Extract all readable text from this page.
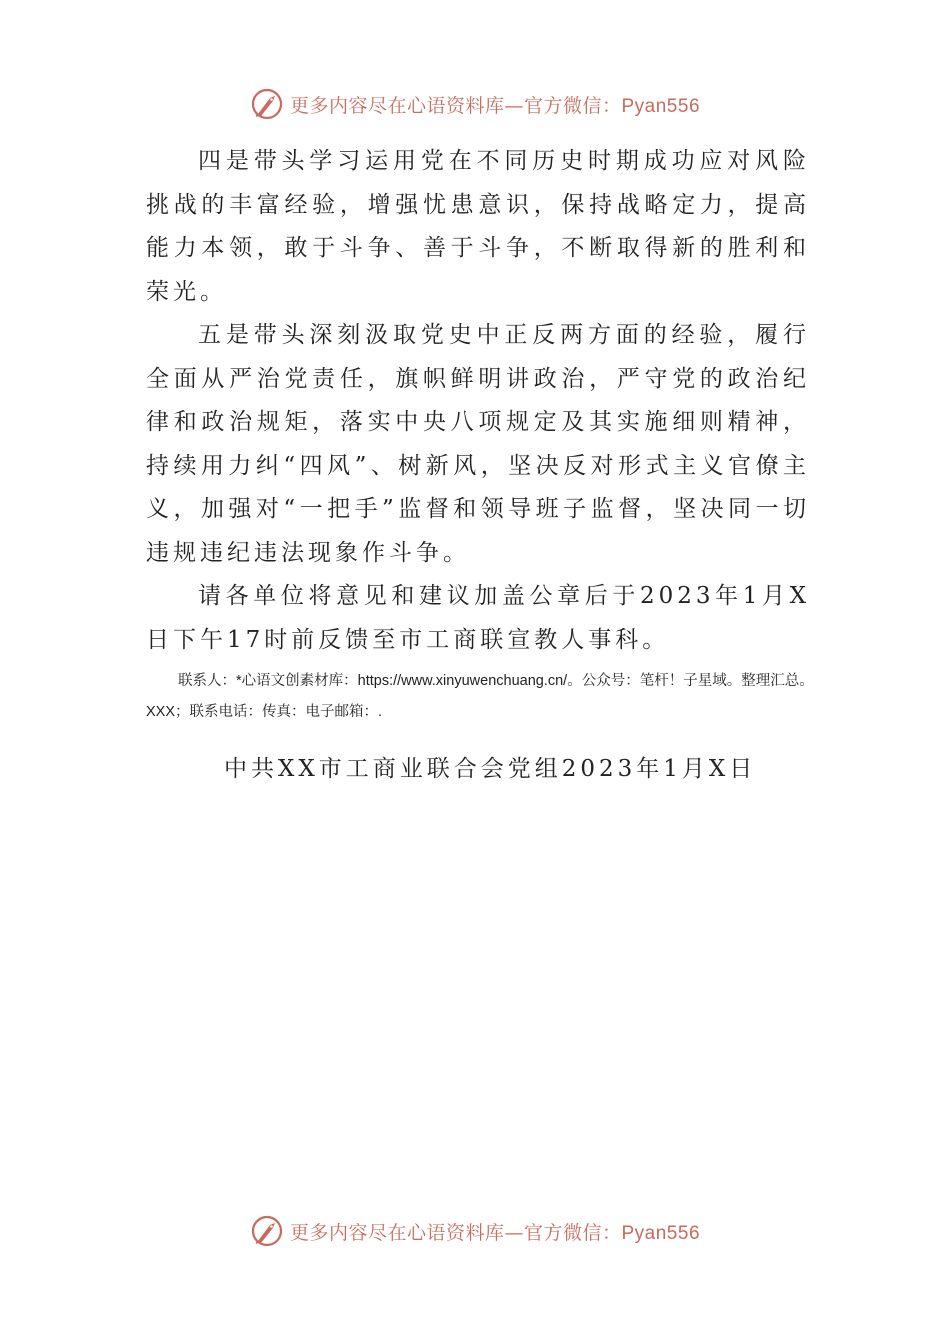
更多内容尽在心语资料库—官方微信：Pyan556

四是带头学习运用党在不同历史时期成功应对风险挑战的丰富经验，增强忧患意识，保持战略定力，提高能力本领，敢于斗争、善于斗争，不断取得新的胜利和荣光。

五是带头深刻汲取党史中正反两方面的经验，履行全面从严治党责任，旗帜鲜明讲政治，严守党的政治纪律和政治规矩，落实中央八项规定及其实施细则精神，持续用力纠“四风”、树新风，坚决反对形式主义官僚主义，加强对“一把手”监督和领导班子监督，坚决同一切违规违纪违法现象作斗争。

请各单位将意见和建议加盖公章后于2023年1月X日下午17时前反馈至市工商联宣教人事科。

联系人：*心语文创素材库：https://www.xinyuwenchuang.cn/。公众号：笔杆！子星域。整理汇总。XXX；联系电话：传真：电子邮箱：.

中共XX市工商业联合会党组2023年1月X日

更多内容尽在心语资料库—官方微信：Pyan556
